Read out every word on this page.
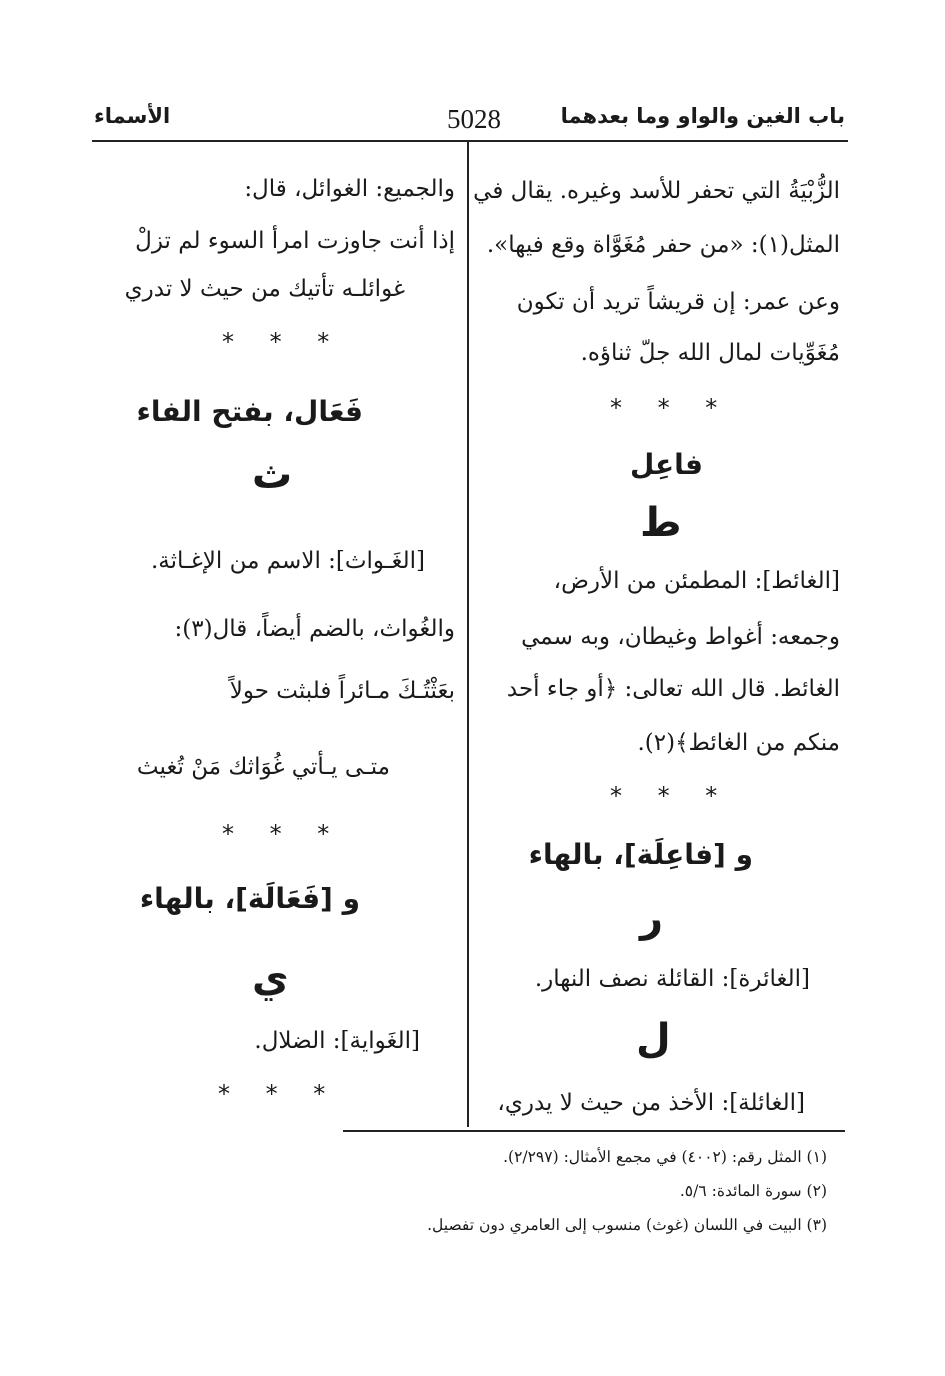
باب الغين والواو وما بعدهما
5028
الأسماء
الزُّبْيَةُ التي تحفر للأسد وغيره. يقال في
المثل(١): «من حفر مُغَوَّاة وقع فيها».
وعن عمر: إن قريشاً تريد أن تكون
مُغَوِّيات لمال الله جلّ ثناؤه.
* * *
فاعِل
ط
[الغائط]: المطمئن من الأرض،
وجمعه: أغواط وغيطان، وبه سمي
الغائط. قال الله تعالى: ﴿أو جاء أحد
منكم من الغائط﴾(٢).
* * *
و [فاعِلَة]، بالهاء
ر
[الغائرة]: القائلة نصف النهار.
ل
[الغائلة]: الأخذ من حيث لا يدري،
والجميع: الغوائل، قال:
إذا أنت جاوزت امرأ السوء لم تزلْ
غوائلـه تأتيك من حيث لا تدري
* * *
فَعَال، بفتح الفاء
ث
[الغَـواث]: الاسم من الإغـاثة.
والغُواث، بالضم أيضاً، قال(٣):
بعَثْتُـكَ مـائراً فلبثت حولاً
متـى يـأتي غُوَاثك مَنْ تُغيث
* * *
و [فَعَالَة]، بالهاء
ي
[الغَواية]: الضلال.
* * *
(١) المثل رقم: (٤٠٠٢) في مجمع الأمثال: (٢/٢٩٧).
(٢) سورة المائدة: ٥/٦.
(٣) البيت في اللسان (غوث) منسوب إلى العامري دون تفصيل.
